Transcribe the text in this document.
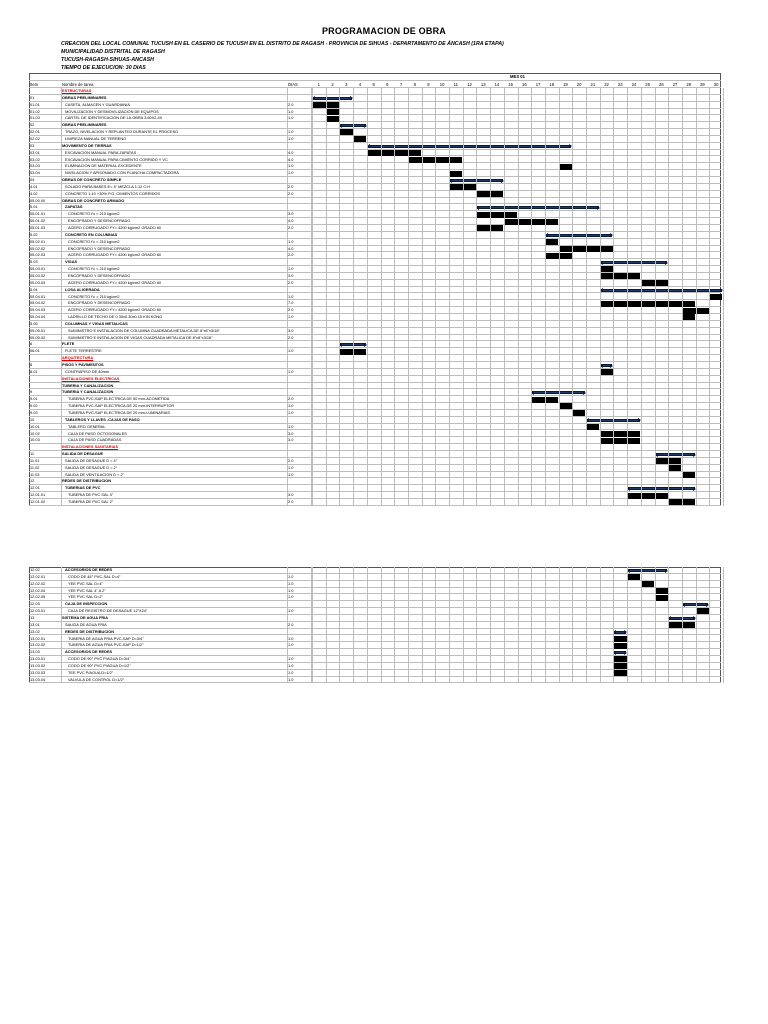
PROGRAMACION DE OBRA
CREACION DEL LOCAL COMUNAL TUCUSH EN EL CASERIO DE TUCUSH EN EL DISTRITO DE RAGASH - PROVINCIA DE SIHUAS - DEPARTAMENTO DE ÁNCASH (1RA ETAPA)
MUNICIPALIDAD DISTRITAL DE RAGASH
TUCUSH-RAGASH-SIHUAS-ANCASH
TIEMPO DE EJECUCION: 30 DIAS
MES 01
Item	Nombre de tarea	DIAS	1	2	3	4	5	6	7	8	9	10	11	12	13	14	15	16	17	18	19	20	21	22	23	24	25	26	27	28	29	30
ESTRUCTURAS
01	OBRAS PRELIMINARES
01.01	CASETA, ALMACEN Y GUARDIANIA	2.0
01.02	MOVILIZACION Y DESMOVILIZACION DE EQUIPOS	1.0
01.03	CARTEL DE IDENTIFICACION DE LA OBRA 3.60X2.40	1.0
02	OBRAS PRELIMINARES
02.01	TRAZO, NIVELACION Y REPLANTEO DURANTE EL PROCESO	1.0
02.02	LIMPIEZA MANUAL DE TERRENO	1.0
03	MOVIMIENTO DE TIERRAS
03.01	EXCAVACION MANUAL PARA ZAPATAS	4.0
03.02	EXCAVACION MANUAL PARA CIMIENTO CORRIDO Y VC	4.0
03.03	ELIMINACION DE MATERIAL EXCEDENTE	1.0
03.04	NIVELACION Y APISONADO CON PLANCHA COMPACTADORA	1.0
04	OBRAS DE CONCRETO SIMPLE
4.01	SOLADO PARA BASES E= 4" MEZCLA 1:12 C:H	2.0
4.02	CONCRETO 1:10 +30% P.G. CIMIENTOS CORRIDOS	2.0
05.00.00	OBRAS DE CONCRETO ARMADO
5.01	ZAPATAS
05.01.01	CONCRETO f'c = 210 kg/cm2	3.0
05.01.02	ENCOFRADO Y DESENCOFRADO	4.0
05.01.03	ACERO CORRUGADO FY= 4200 kg/cm2 GRADO 60	2.0
5.02	CONCRETO EN COLUMNAS
05.02.01	CONCRETO f'c = 210 kg/cm2	1.0
05.02.02	ENCOFRADO Y DESENCOFRADO	4.0
05.02.03	ACERO CORRUGADO FY= 4200 kg/cm2 GRADO 60	2.0
5.03	VIGAS
05.03.01	CONCRETO f'c = 210 kg/cm2	1.0
05.03.02	ENCOFRADO Y DESENCOFRADO	3.0
05.03.03	ACERO CORRUGADO FY= 4200 kg/cm2 GRADO 60	2.0
5.04	LOSA ALIGERADA
05.04.01	CONCRETO f'c = 210 kg/cm2	1.0
05.04.02	ENCOFRADO Y DESENCOFRADO	7.0
05.04.03	ACERO CORRUGADO FY= 4200 kg/cm2 GRADO 60	2.0
05.04.04	LADRILLO DE TECHO DE 0.30x0.30x0.15 KIN KONG	1.0
5.05	COLUMNAS Y VIGAS METALICAS
05.05.01	SUMINISTRO E INSTALACION DE COLUMNA CUADRADA METALICA DE 8"x8"x3/16"	3.0
05.05.02	SUMINISTRO E INSTALACION DE VIGAS CUADRADA METALICA DE 8"x8"x3/16"	2.0
6	FLETE
06.01	FLETE TERRESTRE	1.0
ARQUITECTURA
8	PISOS Y PAVIMENTOS
8.01	CONTRAPISO DE 40mm	1.0
INSTALACIONES ELECTRICAS
TUBERIA Y CANALIZACION
9	TUBERIA Y CANALIZACION
9.01	TUBERIA PVC-SAP ELECTRICA DE 50 mm-ACOMETIDA	2.0
9.02	TUBERIA PVC-SAP ELECTRICA DE 20 mm-INTERRUPTOR	1.0
9.03	TUBERIA PVC-SAP ELECTRICA DE 20 mm-LUMINARIAS	1.0
10	TABLEROS Y LLAVES -CAJAS DE PASO
10.01	TABLERO GENERAL	1.0
10.02	CAJA DE PASO OCTOGONALES	3.0
10.03	CAJA DE PASO CUADRADAS	3.0
INSTALACIONES SANITARIAS
11	SALIDA DE DESAGUE
11.01	SALIDA DE DESAGUE D = 4"	2.0
11.02	SALIDA DE DESAGUE D = 2"	1.0
11.03	SALIDA DE VENTILACION D = 2"	1.0
12	REDES DE DISTRIBUCION
12.01	TUBERIAS DE PVC
12.01.01	TUBERIA DE PVC SAL 4"	3.0
12.01.02	TUBERIA DE PVC SAL 2"	2.0
12.02	ACCESORIOS DE REDES
12.02.01	CODO DE 45° PVC-SAL D=4"	1.0
12.02.02	YEE PVC SAL D=4"	1.0
12.02.04	YEE PVC SAL 4" A 2"	1.0
12.02.05	YEE PVC SAL D=2"	1.0
12.03	CAJA DE INSPECCION
12.03.01	CAJA DE REGISTRO DE DESAGUE 12"X24"	1.0
13	SISTEMA DE AGUA FRIA
13.01	SALIDA DE AGUA FRIA	2.0
13.02	REDES DE DISTRIBUCION
13.02.01	TUBERIA DE AGUA FRIA PVC-SAP D=3/4"	1.0
13.02.02	TUBERIA DE AGUA FRIA PVC-SAP D=1/2"	1.0
13.03	ACCESORIOS DE REDES
13.03.01	CODO DE 90° PVC P/AGUA D=3/4"	1.0
13.03.02	CODO DE 90° PVC P/AGUA D=1/2"	1.0
13.03.03	TEE PVC P/AGUA D=1/2"	1.0
13.03.04	VALVULA DE CONTROL D=1/2"	1.0
